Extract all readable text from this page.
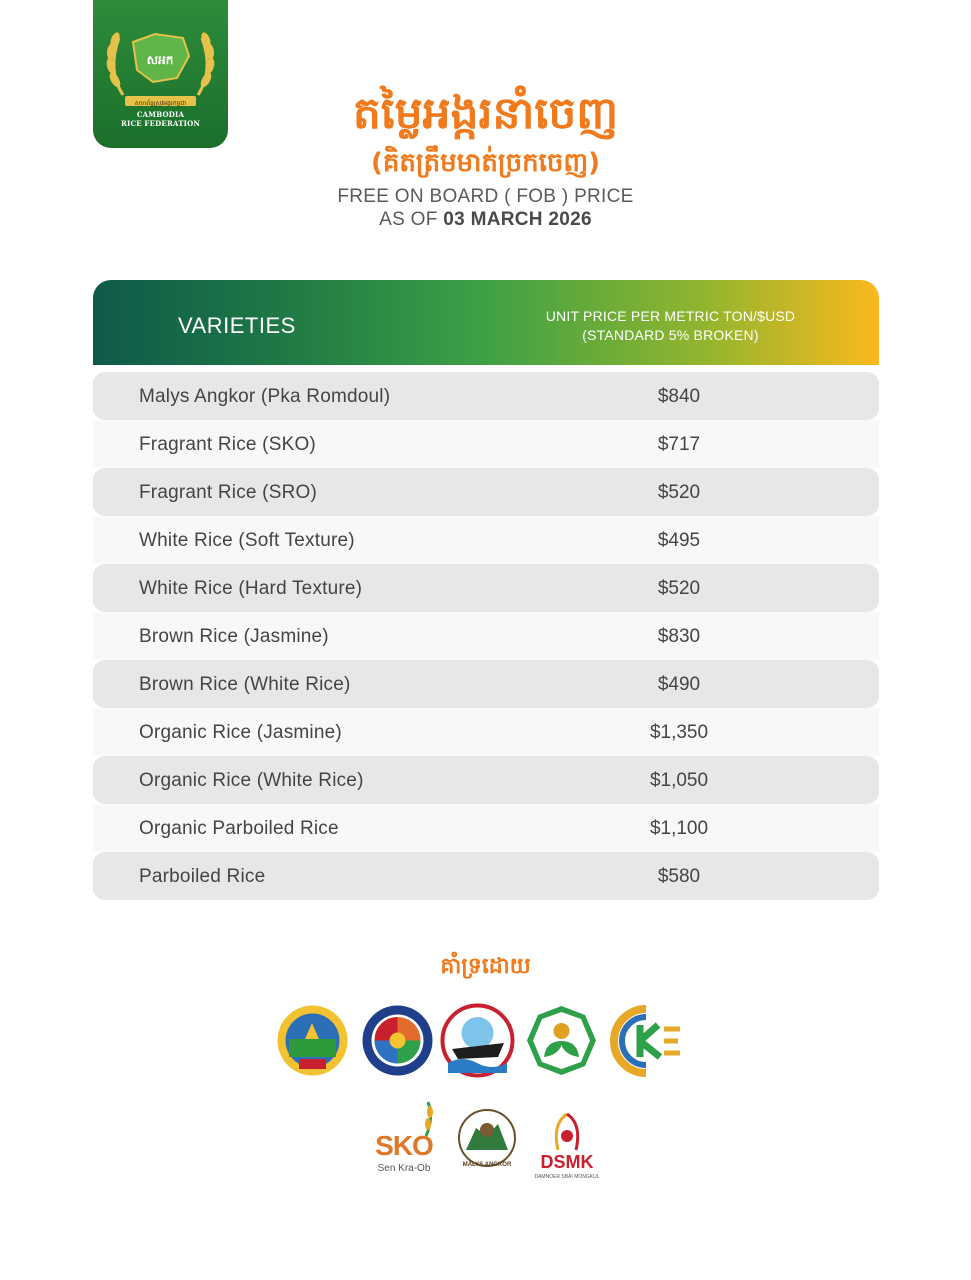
សអក
សហព័ន្ធស្រូវអង្ករកម្ពុជា
CAMBODIA
RICE FEDERATION	តម្លៃអង្ករនាំចេញ
(គិតត្រឹមមាត់ច្រកចេញ)
FREE ON BOARD ( FOB ) PRICE
AS OF 03 MARCH 2026
VARIETIES	UNIT PRICE PER METRIC TON/$USD
(STANDARD 5% BROKEN)
Malys Angkor (Pka Romdoul)	$840
Fragrant Rice (SKO)	$717
Fragrant Rice (SRO)	$520
White Rice (Soft Texture)	$495
White Rice (Hard Texture)	$520
Brown Rice (Jasmine)	$830
Brown Rice (White Rice)	$490
Organic Rice (Jasmine)	$1,350
Organic Rice (White Rice)	$1,050
Organic Parboiled Rice	$1,100
Parboiled Rice	$580
គាំទ្រដោយ
SKO
Sen Kra-Ob	MALYS ANGKOR	DSMK
DAMNOER SBAI MONGKUL
